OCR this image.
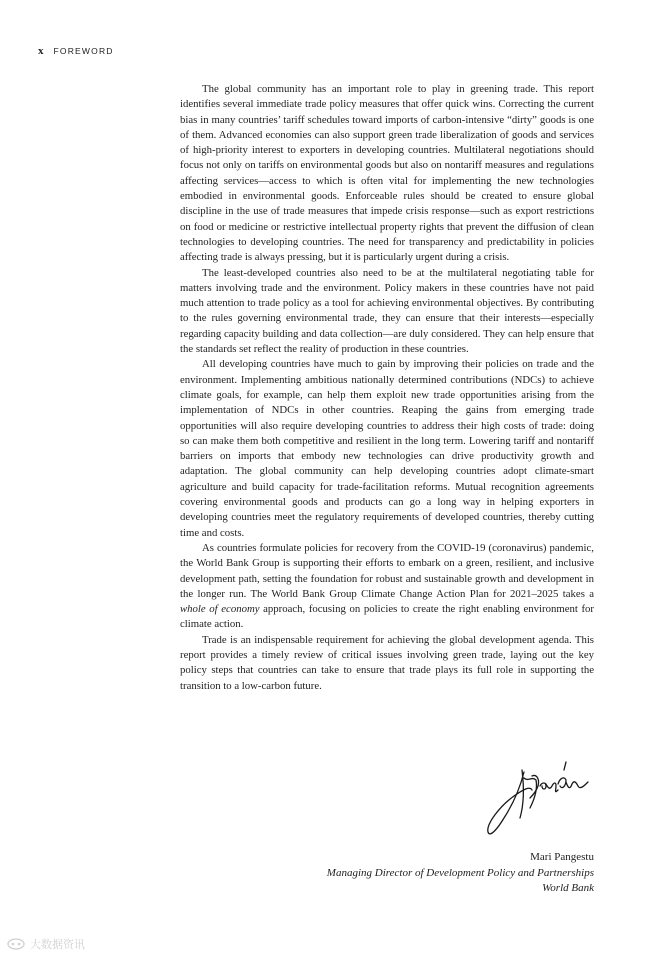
x FOREWORD

The global community has an important role to play in greening trade. This report identifies several immediate trade policy measures that offer quick wins. Correcting the current bias in many countries’ tariff schedules toward imports of carbon-intensive “dirty” goods is one of them. Advanced economies can also support green trade liberalization of goods and services of high-priority interest to exporters in developing countries. Multilateral negotiations should focus not only on tariffs on environmental goods but also on nontariff measures and regulations affecting services—access to which is often vital for implementing the new technologies embodied in environmental goods. Enforceable rules should be created to ensure global discipline in the use of trade measures that impede crisis response—such as export restrictions on food or medicine or restrictive intellectual property rights that prevent the diffusion of clean technologies to developing countries. The need for transparency and predictability in policies affecting trade is always pressing, but it is particularly urgent during a crisis.

The least-developed countries also need to be at the multilateral negotiating table for matters involving trade and the environment. Policy makers in these countries have not paid much attention to trade policy as a tool for achieving environmental objectives. By contributing to the rules governing environmental trade, they can ensure that their interests—especially regarding capacity building and data collection—are duly considered. They can help ensure that the standards set reflect the reality of production in these countries.

All developing countries have much to gain by improving their policies on trade and the environment. Implementing ambitious nationally determined contributions (NDCs) to achieve climate goals, for example, can help them exploit new trade opportunities arising from the implementation of NDCs in other countries. Reaping the gains from emerging trade opportunities will also require developing countries to address their high costs of trade: doing so can make them both competitive and resilient in the long term. Lowering tariff and nontariff barriers on imports that embody new technologies can drive productivity growth and adaptation. The global community can help developing countries adopt climate-smart agriculture and build capacity for trade-facilitation reforms. Mutual recognition agreements covering environmental goods and products can go a long way in helping exporters in developing countries meet the regulatory requirements of developed countries, thereby cutting time and costs.

As countries formulate policies for recovery from the COVID-19 (coronavirus) pandemic, the World Bank Group is supporting their efforts to embark on a green, resilient, and inclusive development path, setting the foundation for robust and sustainable growth and development in the longer run. The World Bank Group Climate Change Action Plan for 2021–2025 takes a whole of economy approach, focusing on policies to create the right enabling environment for climate action.

Trade is an indispensable requirement for achieving the global development agenda. This report provides a timely review of critical issues involving green trade, laying out the key policy steps that countries can take to ensure that trade plays its full role in supporting the transition to a low-carbon future.

Mari Pangestu
Managing Director of Development Policy and Partnerships
World Bank
大数据资讯
